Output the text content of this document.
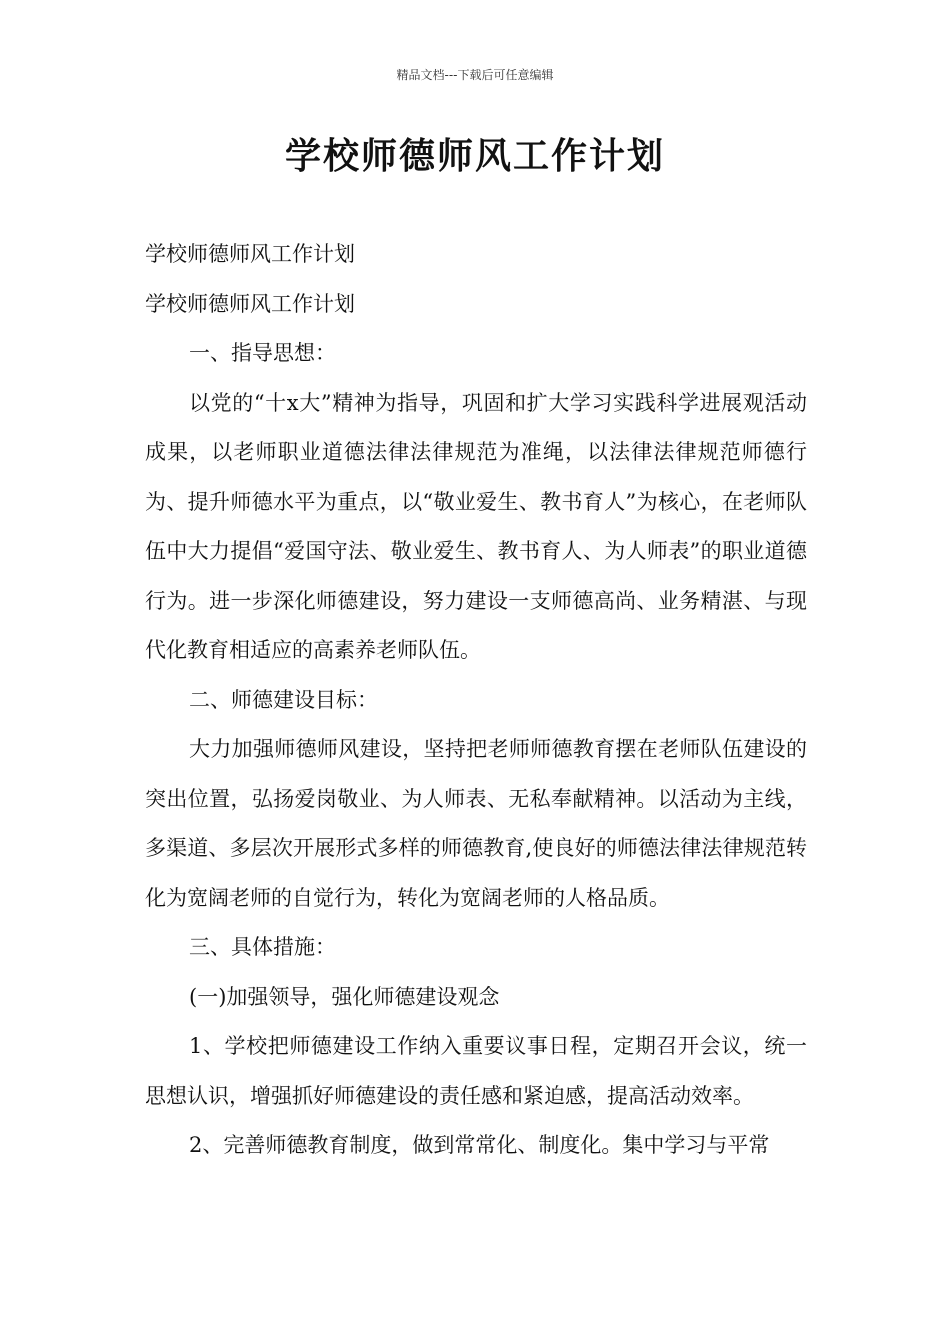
精品文档---下载后可任意编辑
学校师德师风工作计划

学校师德师风工作计划

学校师德师风工作计划

一、指导思想：

以党的“十x大”精神为指导，巩固和扩大学习实践科学进展观活动成果，以老师职业道德法律法律规范为准绳，以法律法律规范师德行为、提升师德水平为重点，以“敬业爱生、教书育人”为核心，在老师队伍中大力提倡“爱国守法、敬业爱生、教书育人、为人师表”的职业道德行为。进一步深化师德建设，努力建设一支师德高尚、业务精湛、与现代化教育相适应的高素养老师队伍。

二、师德建设目标：

大力加强师德师风建设，坚持把老师师德教育摆在老师队伍建设的突出位置，弘扬爱岗敬业、为人师表、无私奉献精神。以活动为主线，多渠道、多层次开展形式多样的师德教育,使良好的师德法律法律规范转化为宽阔老师的自觉行为，转化为宽阔老师的人格品质。

三、具体措施：

(一)加强领导，强化师德建设观念

1、学校把师德建设工作纳入重要议事日程，定期召开会议，统一思想认识，增强抓好师德建设的责任感和紧迫感，提高活动效率。

2、完善师德教育制度，做到常常化、制度化。集中学习与平常
